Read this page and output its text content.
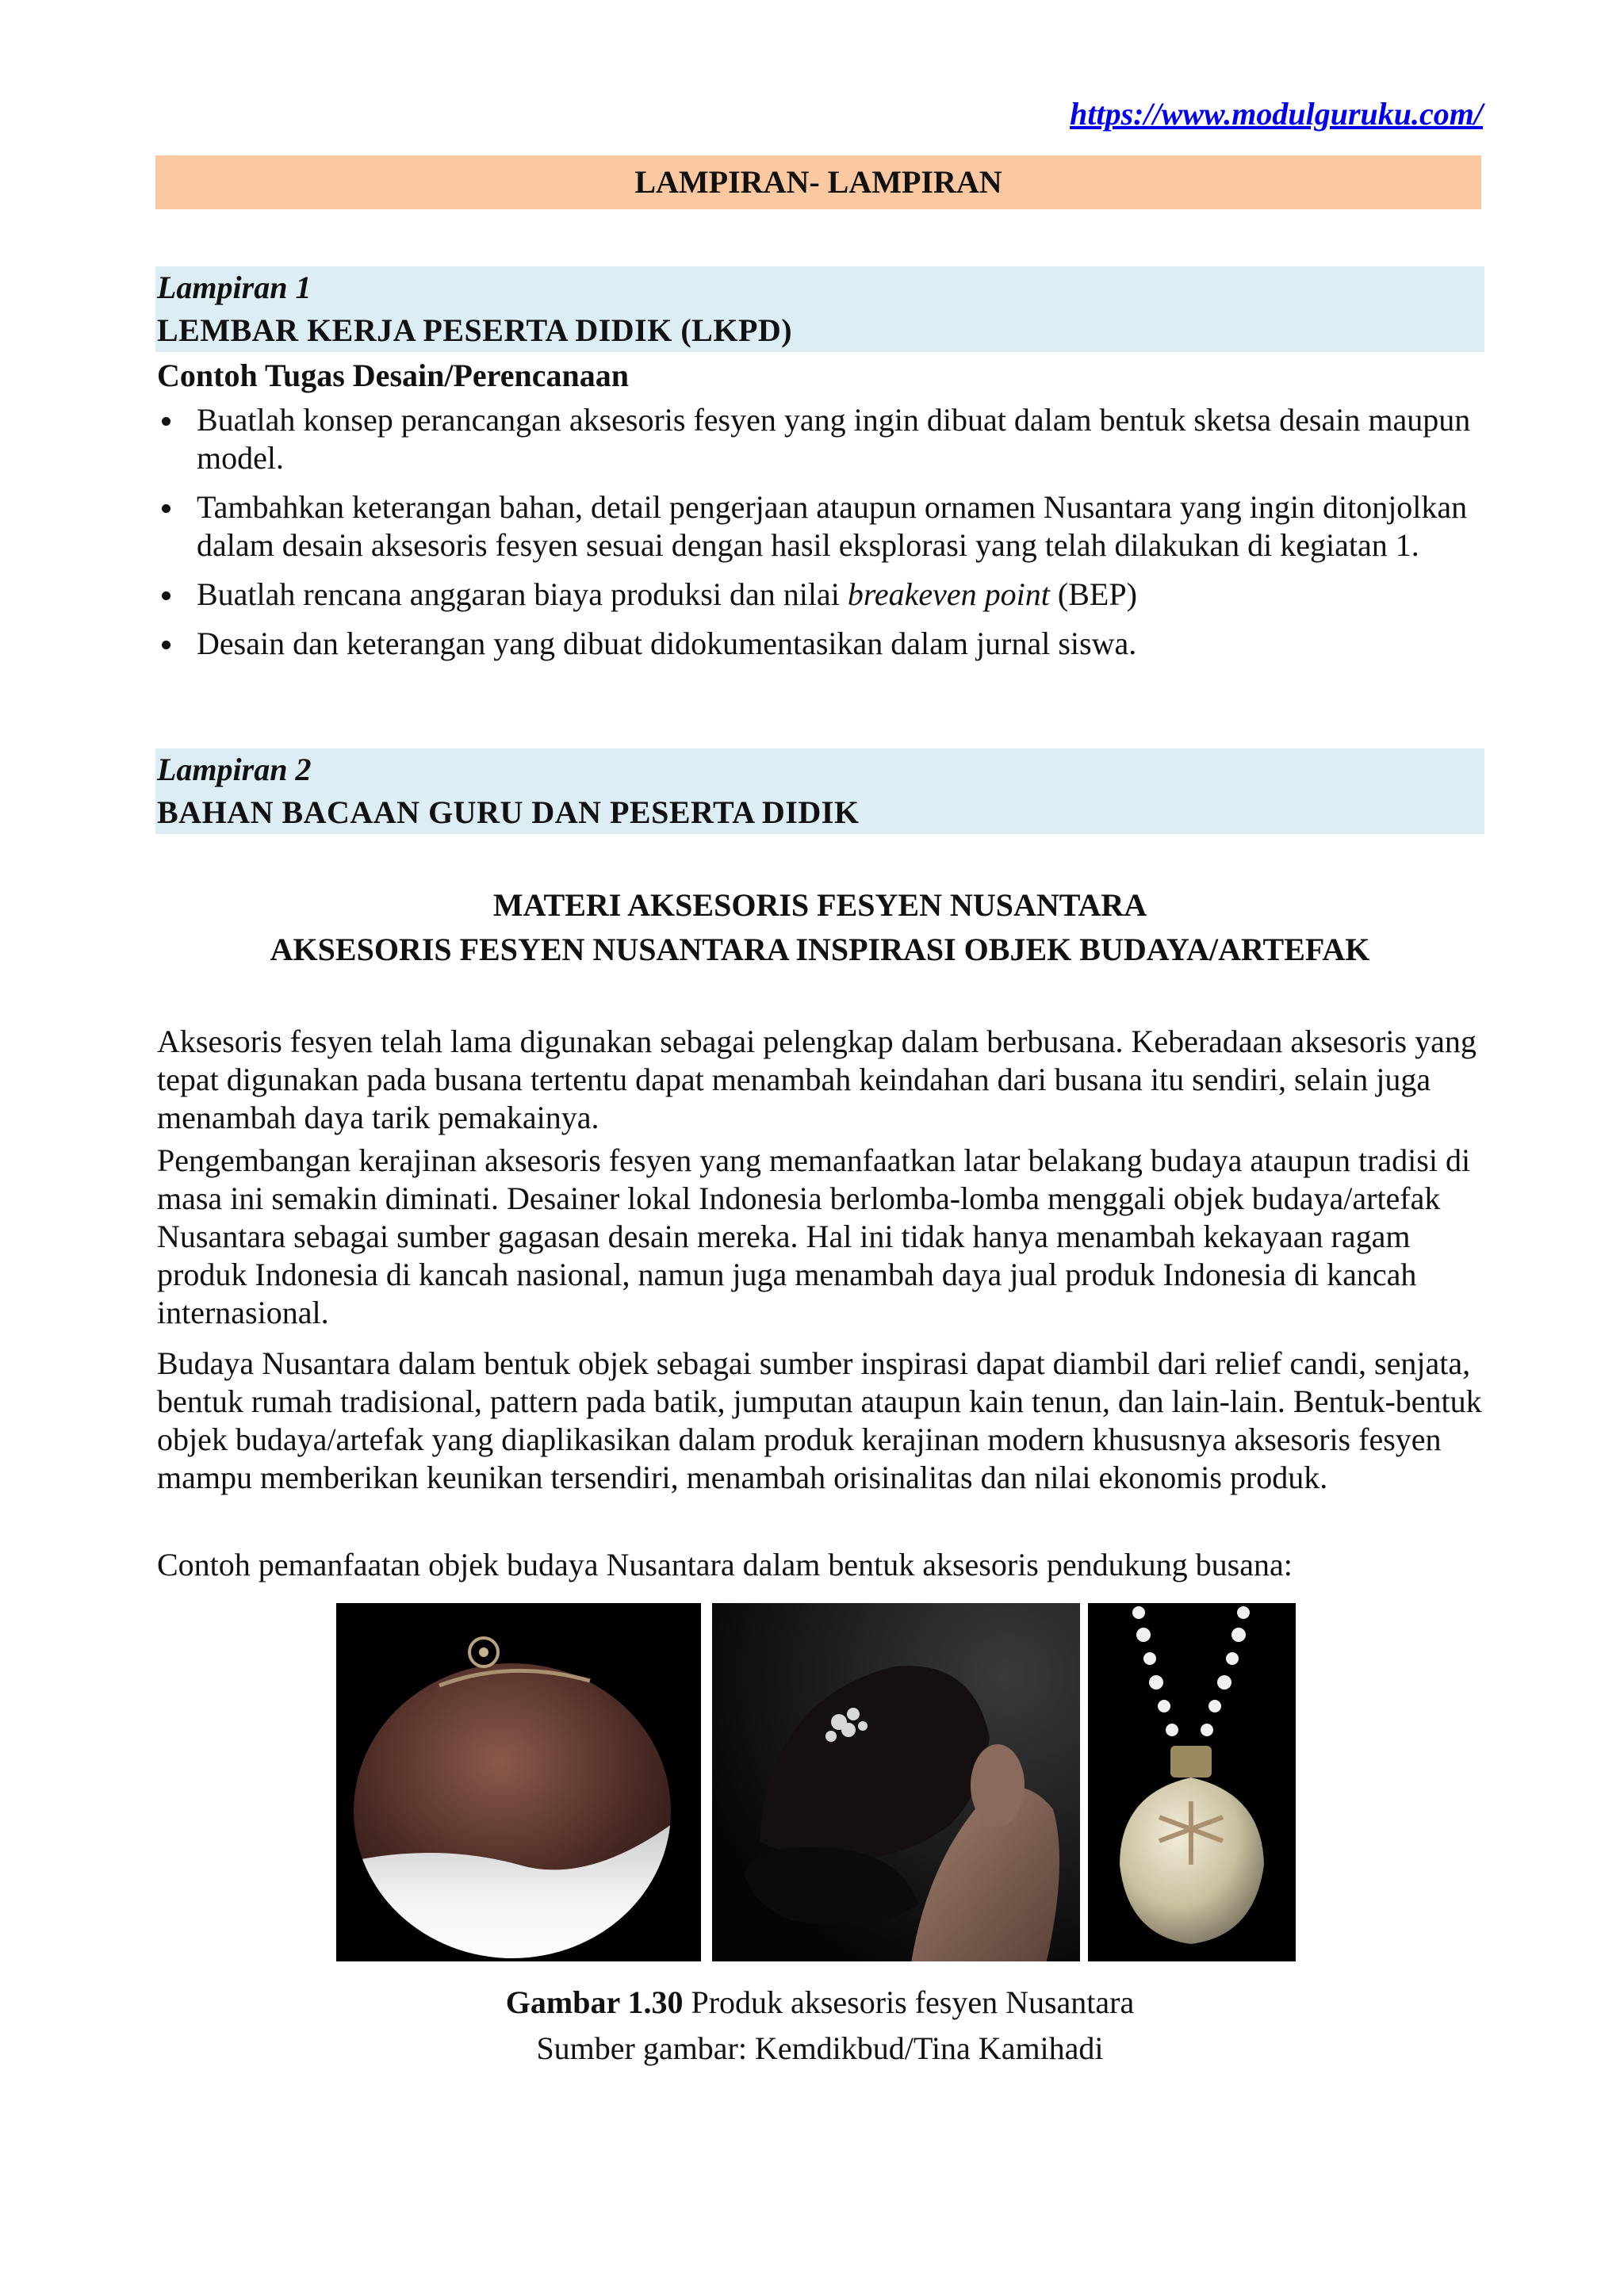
https://www.modulguruku.com/
LAMPIRAN- LAMPIRAN
Lampiran 1
LEMBAR KERJA PESERTA DIDIK (LKPD)
Contoh Tugas Desain/Perencanaan
Buatlah konsep perancangan aksesoris fesyen yang ingin dibuat dalam bentuk sketsa desain maupun model.
Tambahkan keterangan bahan, detail pengerjaan ataupun ornamen Nusantara yang ingin ditonjolkan dalam desain aksesoris fesyen sesuai dengan hasil eksplorasi yang telah dilakukan di kegiatan 1.
Buatlah rencana anggaran biaya produksi dan nilai breakeven point (BEP)
Desain dan keterangan yang dibuat didokumentasikan dalam jurnal siswa.
Lampiran 2
BAHAN BACAAN GURU DAN PESERTA DIDIK
MATERI AKSESORIS FESYEN NUSANTARA
AKSESORIS FESYEN NUSANTARA INSPIRASI OBJEK BUDAYA/ARTEFAK

Aksesoris fesyen telah lama digunakan sebagai pelengkap dalam berbusana. Keberadaan aksesoris yang tepat digunakan pada busana tertentu dapat menambah keindahan dari busana itu sendiri, selain juga menambah daya tarik pemakainya.

Pengembangan kerajinan aksesoris fesyen yang memanfaatkan latar belakang budaya ataupun tradisi di masa ini semakin diminati. Desainer lokal Indonesia berlomba-lomba menggali objek budaya/artefak Nusantara sebagai sumber gagasan desain mereka. Hal ini tidak hanya menambah kekayaan ragam produk Indonesia di kancah nasional, namun juga menambah daya jual produk Indonesia di kancah internasional.

Budaya Nusantara dalam bentuk objek sebagai sumber inspirasi dapat diambil dari relief candi, senjata, bentuk rumah tradisional, pattern pada batik, jumputan ataupun kain tenun, dan lain-lain. Bentuk-bentuk objek budaya/artefak yang diaplikasikan dalam produk kerajinan modern khususnya aksesoris fesyen mampu memberikan keunikan tersendiri, menambah orisinalitas dan nilai ekonomis produk.

Contoh pemanfaatan objek budaya Nusantara dalam bentuk aksesoris pendukung busana:

Gambar 1.30 Produk aksesoris fesyen Nusantara
Sumber gambar: Kemdikbud/Tina Kamihadi
